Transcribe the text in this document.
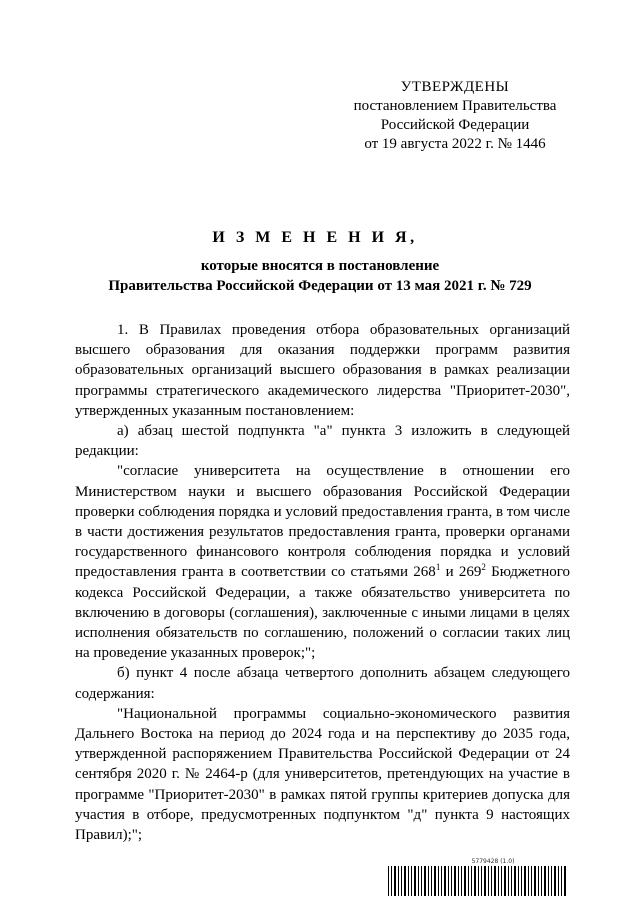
УТВЕРЖДЕНЫ
постановлением Правительства
Российской Федерации
от 19 августа 2022 г. № 1446
И З М Е Н Е Н И Я,
которые вносятся в постановление
Правительства Российской Федерации от 13 мая 2021 г. № 729

1. В Правилах проведения отбора образовательных организаций высшего образования для оказания поддержки программ развития образовательных организаций высшего образования в рамках реализации программы стратегического академического лидерства "Приоритет-2030", утвержденных указанным постановлением:

а) абзац шестой подпункта "а" пункта 3 изложить в следующей редакции:

"согласие университета на осуществление в отношении его Министерством науки и высшего образования Российской Федерации проверки соблюдения порядка и условий предоставления гранта, в том числе в части достижения результатов предоставления гранта, проверки органами государственного финансового контроля соблюдения порядка и условий предоставления гранта в соответствии со статьями $268^1$ и $269^2$ Бюджетного кодекса Российской Федерации, а также обязательство университета по включению в договоры (соглашения), заключенные с иными лицами в целях исполнения обязательств по соглашению, положений о согласии таких лиц на проведение указанных проверок;";

б) пункт 4 после абзаца четвертого дополнить абзацем следующего содержания:

"Национальной программы социально-экономического развития Дальнего Востока на период до 2024 года и на перспективу до 2035 года, утвержденной распоряжением Правительства Российской Федерации от 24 сентября 2020 г. № 2464-р (для университетов, претендующих на участие в программе "Приоритет-2030" в рамках пятой группы критериев допуска для участия в отборе, предусмотренных подпунктом "д" пункта 9 настоящих Правил);";

5779428 (1.0)
